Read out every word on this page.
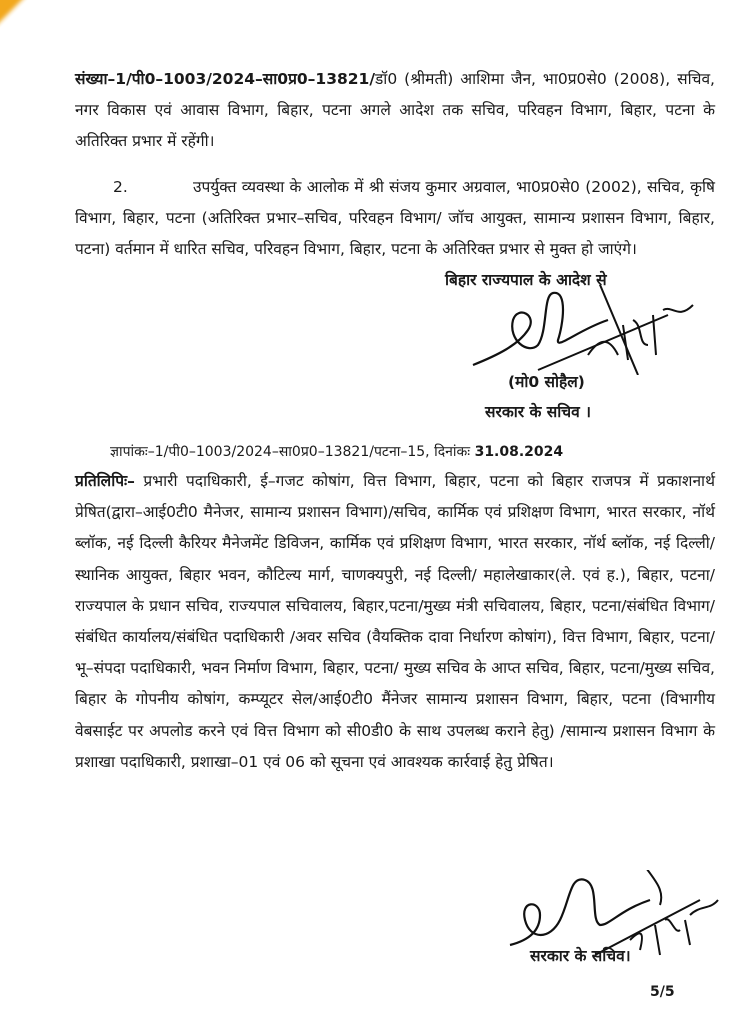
संख्या–1/पी0–1003/2024–सा0प्र0–13821/डॉ0 (श्रीमती) आशिमा जैन, भा0प्र0से0 (2008), सचिव, नगर विकास एवं आवास विभाग, बिहार, पटना अगले आदेश तक सचिव, परिवहन विभाग, बिहार, पटना के अतिरिक्त प्रभार में रहेंगी।
2.	उपर्युक्त व्यवस्था के आलोक में श्री संजय कुमार अग्रवाल, भा0प्र0से0 (2002), सचिव, कृषि विभाग, बिहार, पटना (अतिरिक्त प्रभार–सचिव, परिवहन विभाग/ जॉच आयुक्त, सामान्य प्रशासन विभाग, बिहार, पटना) वर्तमान में धारित सचिव, परिवहन विभाग, बिहार, पटना के अतिरिक्त प्रभार से मुक्त हो जाएंगे।
बिहार राज्यपाल के आदेश से
(मो0 सोहैल)
सरकार के सचिव ।
ज्ञापांकः–1/पी0–1003/2024–सा0प्र0–13821/पटना–15, दिनांकः 31.08.2024
प्रतिलिपिः– प्रभारी पदाधिकारी, ई–गजट कोषांग, वित्त विभाग, बिहार, पटना को बिहार राजपत्र में प्रकाशनार्थ प्रेषित(द्वारा–आई0टी0 मैनेजर, सामान्य प्रशासन विभाग)/सचिव, कार्मिक एवं प्रशिक्षण विभाग, भारत सरकार, नॉर्थ ब्लॉक, नई दिल्ली कैरियर मैनेजमेंट डिविजन, कार्मिक एवं प्रशिक्षण विभाग, भारत सरकार, नॉर्थ ब्लॉक, नई दिल्ली/स्थानिक आयुक्त, बिहार भवन, कौटिल्य मार्ग, चाणक्यपुरी, नई दिल्ली/ महालेखाकार(ले. एवं ह.), बिहार, पटना/राज्यपाल के प्रधान सचिव, राज्यपाल सचिवालय, बिहार,पटना/मुख्य मंत्री सचिवालय, बिहार, पटना/संबंधित विभाग/संबंधित कार्यालय/संबंधित पदाधिकारी /अवर सचिव (वैयक्तिक दावा निर्धारण कोषांग), वित्त विभाग, बिहार, पटना/ भू–संपदा पदाधिकारी, भवन निर्माण विभाग, बिहार, पटना/ मुख्य सचिव के आप्त सचिव, बिहार, पटना/मुख्य सचिव, बिहार के गोपनीय कोषांग, कम्प्यूटर सेल/आई0टी0 मैंनेजर सामान्य प्रशासन विभाग, बिहार, पटना (विभागीय वेबसाईट पर अपलोड करने एवं वित्त विभाग को सी0डी0 के साथ उपलब्ध कराने हेतु) /सामान्य प्रशासन विभाग के प्रशाखा पदाधिकारी, प्रशाखा–01 एवं 06 को सूचना एवं आवश्यक कार्रवाई हेतु प्रेषित।
सरकार के सचिव।
5/5
